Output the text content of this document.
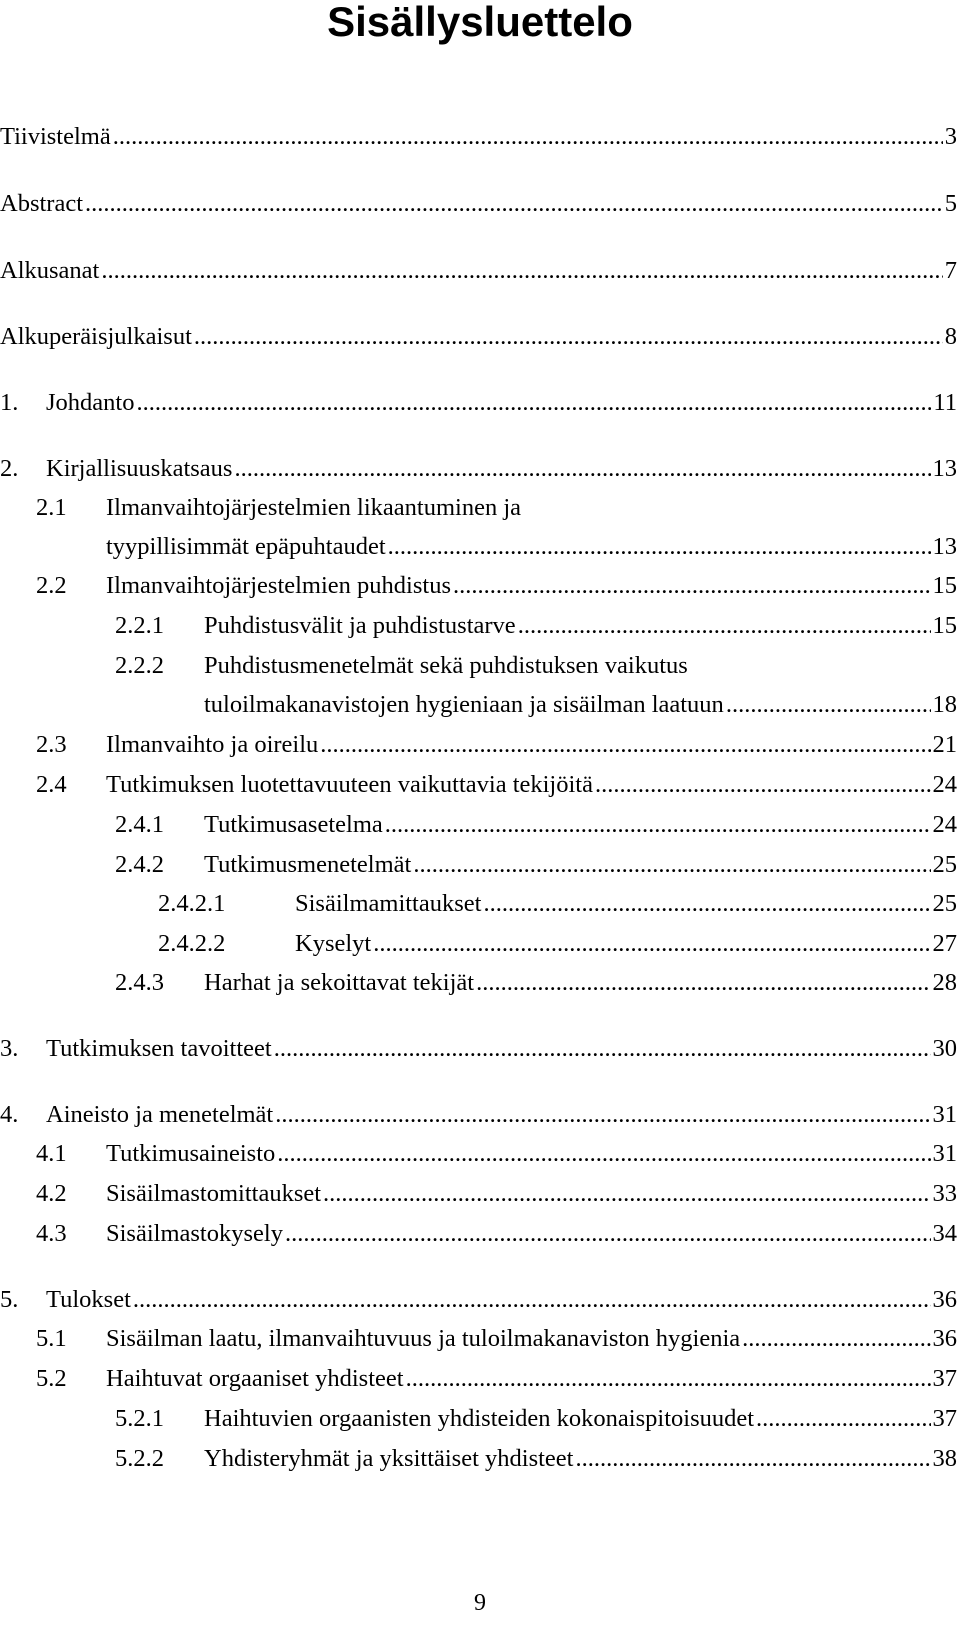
Sisällysluettelo
Tiivistelmä .....	3
Abstract .....	5
Alkusanat .....	7
Alkuperäisjulkaisut .....	8
1.	Johdanto .....	11
2.	Kirjallisuuskatsaus .....	13
2.1	Ilmanvaihtojärjestelmien likaantuminen ja
tyypillisimmät epäpuhtaudet .....	13
2.2	Ilmanvaihtojärjestelmien puhdistus .....	15
2.2.1	Puhdistusvälit ja puhdistustarve .....	15
2.2.2	Puhdistusmenetelmät sekä puhdistuksen vaikutus
tuloilmakanavistojen hygieniaan ja sisäilman laatuun .....	18
2.3	Ilmanvaihto ja oireilu .....	21
2.4	Tutkimuksen luotettavuuteen vaikuttavia tekijöitä .....	24
2.4.1	Tutkimusasetelma .....	24
2.4.2	Tutkimusmenetelmät .....	25
2.4.2.1	Sisäilmamittaukset .....	25
2.4.2.2	Kyselyt .....	27
2.4.3	Harhat ja sekoittavat tekijät .....	28
3.	Tutkimuksen tavoitteet .....	30
4.	Aineisto ja menetelmät .....	31
4.1	Tutkimusaineisto .....	31
4.2	Sisäilmastomittaukset .....	33
4.3	Sisäilmastokysely .....	34
5.	Tulokset .....	36
5.1	Sisäilman laatu, ilmanvaihtuvuus ja tuloilmakanaviston hygienia .....	36
5.2	Haihtuvat orgaaniset yhdisteet .....	37
5.2.1	Haihtuvien orgaanisten yhdisteiden kokonaispitoisuudet .....	37
5.2.2	Yhdisteryhmät ja yksittäiset yhdisteet .....	38
9
